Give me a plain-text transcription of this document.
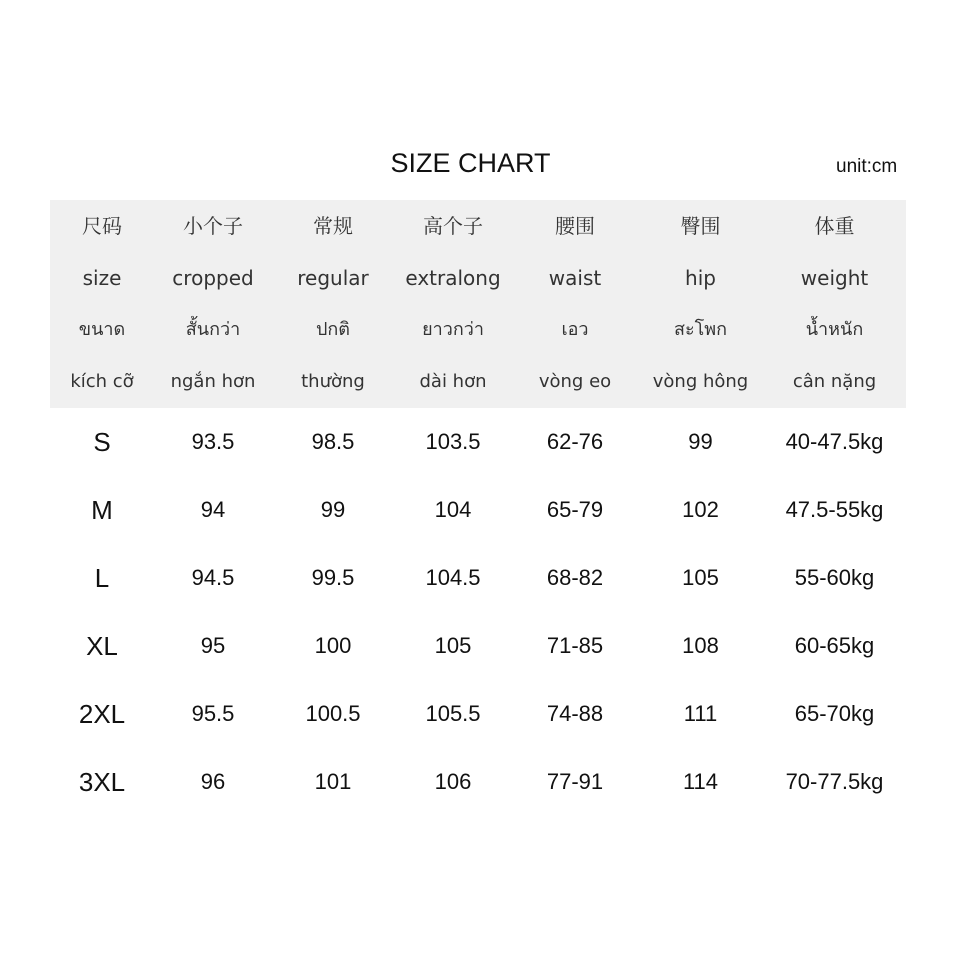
SIZE CHART	unit:cm
尺码	小个子	常规	高个子	腰围	臀围	体重
size	cropped	regular	extralong	waist	hip	weight
ขนาด	สั้นกว่า	ปกติ	ยาวกว่า	เอว	สะโพก	น้ำหนัก
kích cỡ	ngắn hơn	thường	dài hơn	vòng eo	vòng hông	cân nặng
S	93.5	98.5	103.5	62-76	99	40-47.5kg
M	94	99	104	65-79	102	47.5-55kg
L	94.5	99.5	104.5	68-82	105	55-60kg
XL	95	100	105	71-85	108	60-65kg
2XL	95.5	100.5	105.5	74-88	111	65-70kg
3XL	96	101	106	77-91	114	70-77.5kg
